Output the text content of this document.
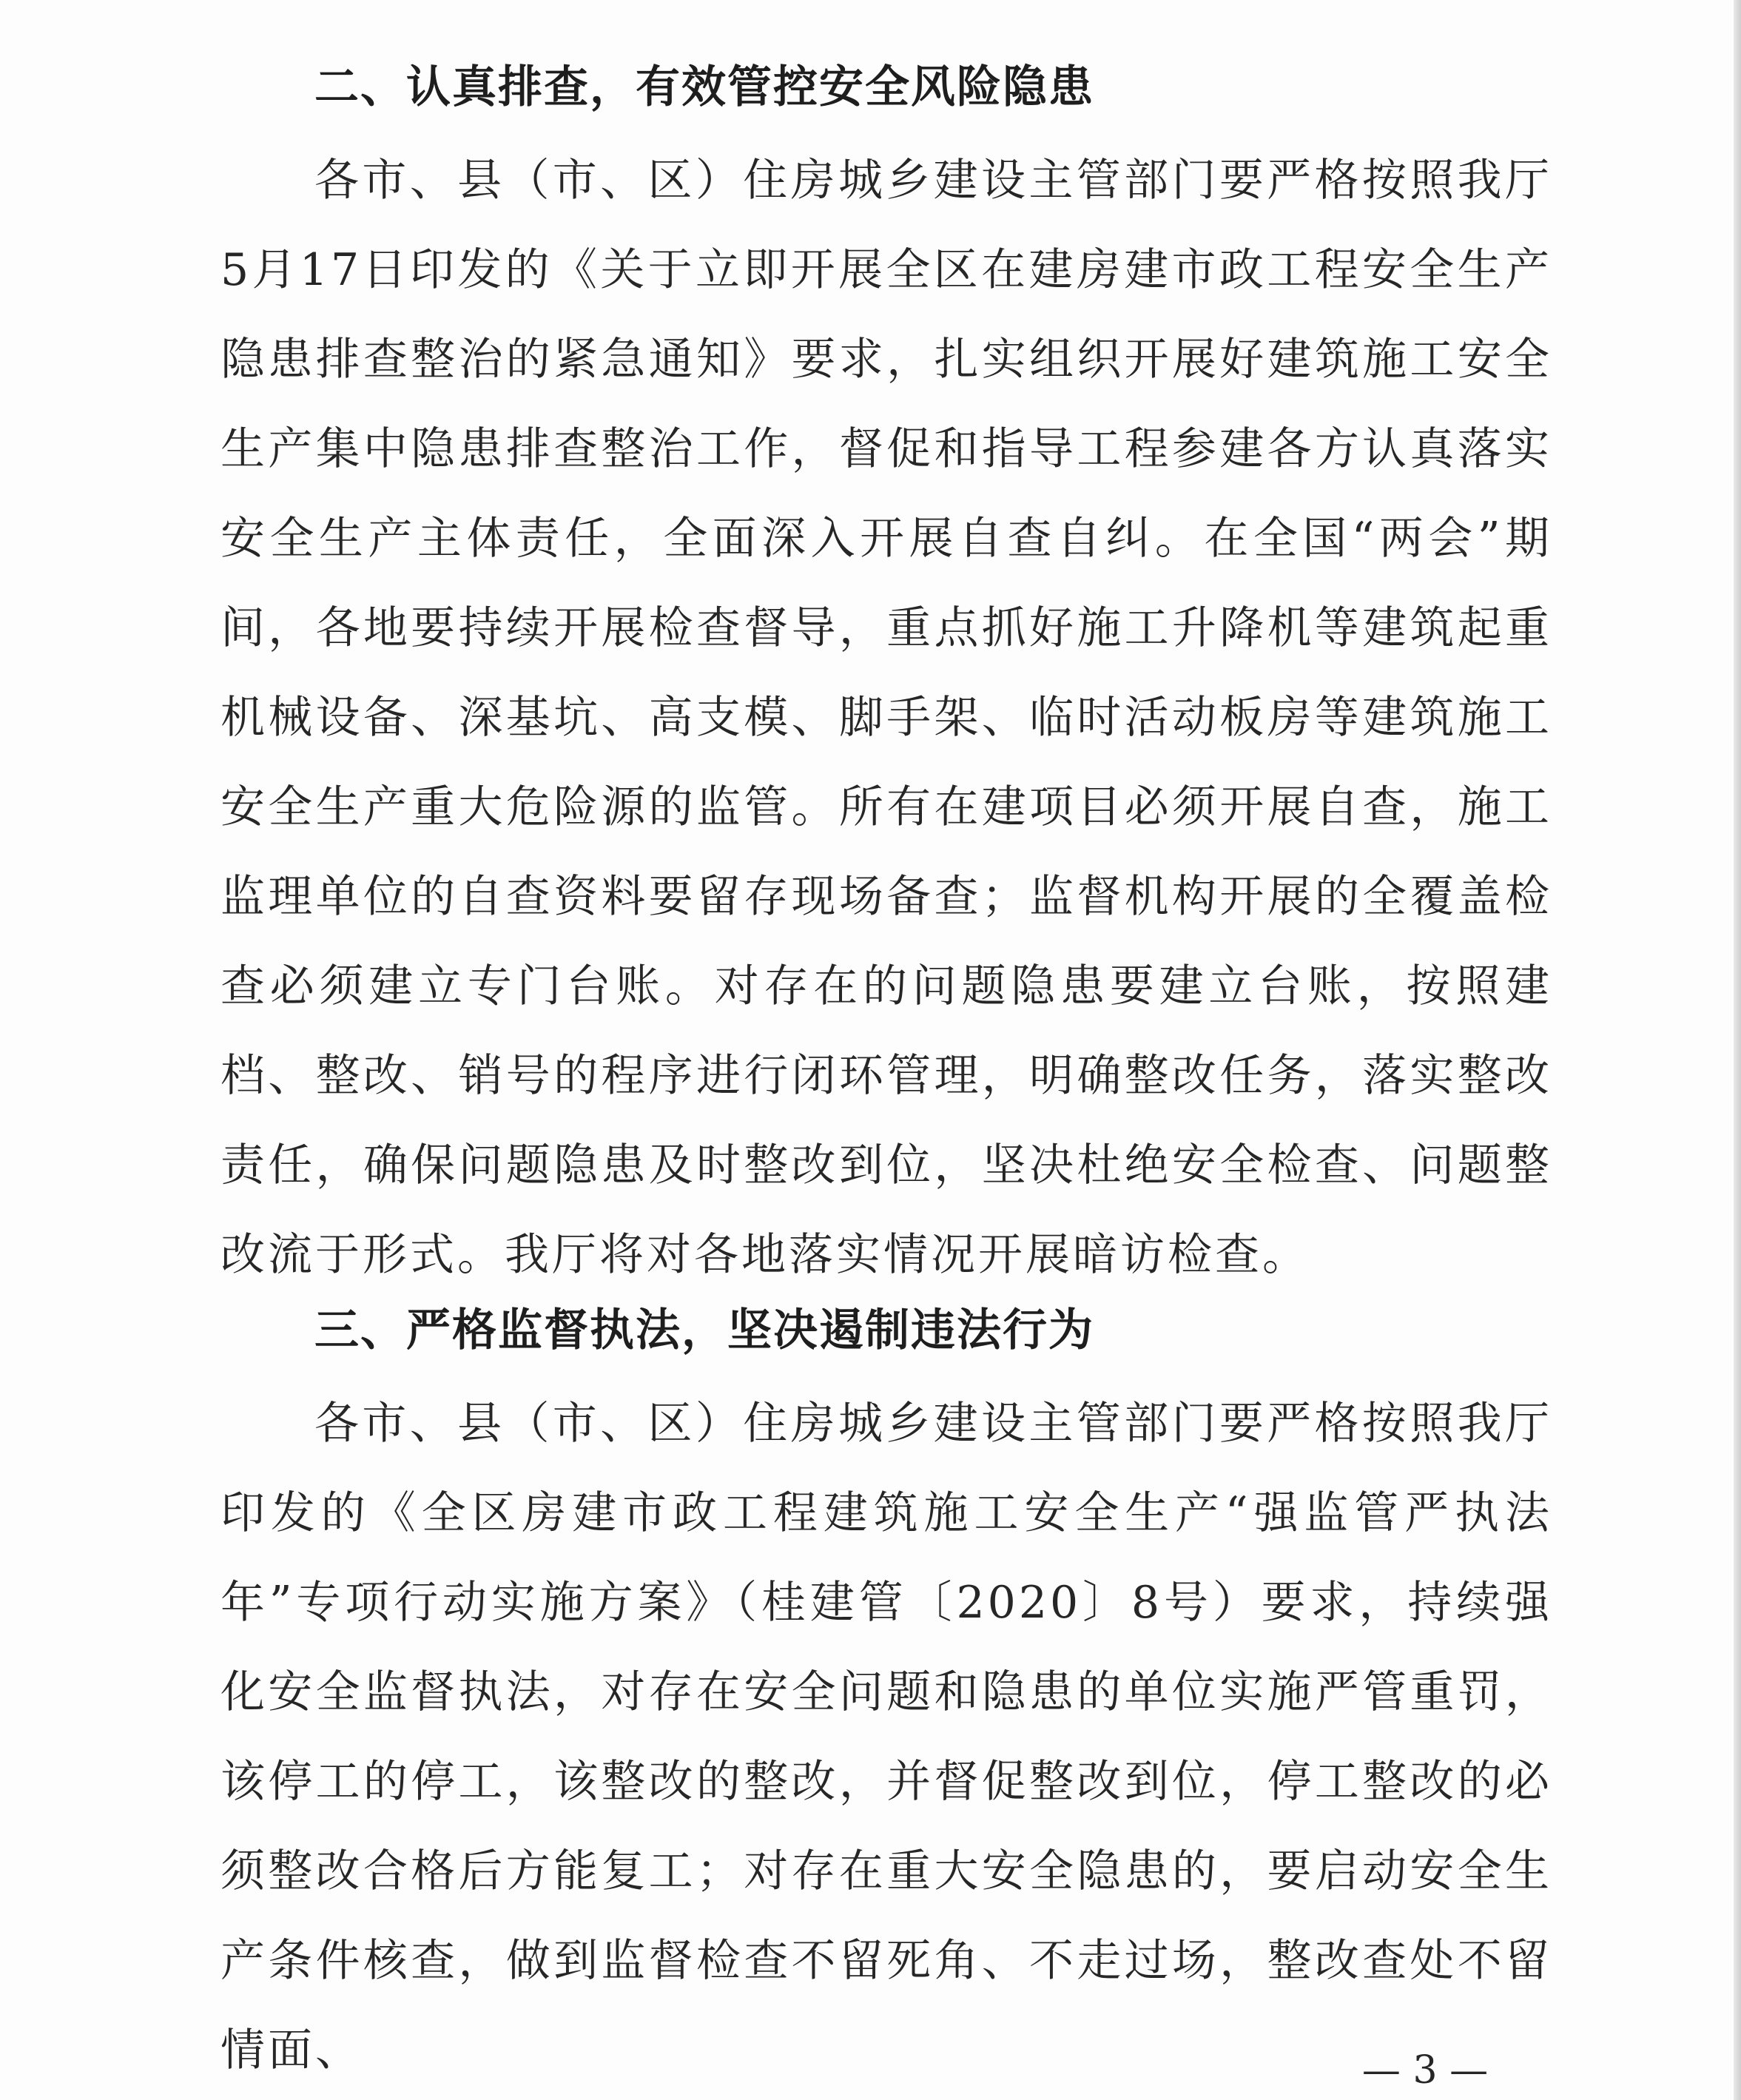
二、认真排查，有效管控安全风险隐患

各市、县（市、区）住房城乡建设主管部门要严格按照我厅5月17日印发的《关于立即开展全区在建房建市政工程安全生产隐患排查整治的紧急通知》要求，扎实组织开展好建筑施工安全生产集中隐患排查整治工作，督促和指导工程参建各方认真落实安全生产主体责任，全面深入开展自查自纠。在全国“两会”期间，各地要持续开展检查督导，重点抓好施工升降机等建筑起重机械设备、深基坑、高支模、脚手架、临时活动板房等建筑施工安全生产重大危险源的监管。所有在建项目必须开展自查，施工监理单位的自查资料要留存现场备查；监督机构开展的全覆盖检查必须建立专门台账。对存在的问题隐患要建立台账，按照建档、整改、销号的程序进行闭环管理，明确整改任务，落实整改责任，确保问题隐患及时整改到位，坚决杜绝安全检查、问题整改流于形式。我厅将对各地落实情况开展暗访检查。

三、严格监督执法，坚决遏制违法行为

各市、县（市、区）住房城乡建设主管部门要严格按照我厅印发的《全区房建市政工程建筑施工安全生产“强监管严执法年”专项行动实施方案》（桂建管〔2020〕8号）要求，持续强化安全监督执法，对存在安全问题和隐患的单位实施严管重罚，该停工的停工，该整改的整改，并督促整改到位，停工整改的必须整改合格后方能复工；对存在重大安全隐患的，要启动安全生产条件核查，做到监督检查不留死角、不走过场，整改查处不留情面、	— 3 —
